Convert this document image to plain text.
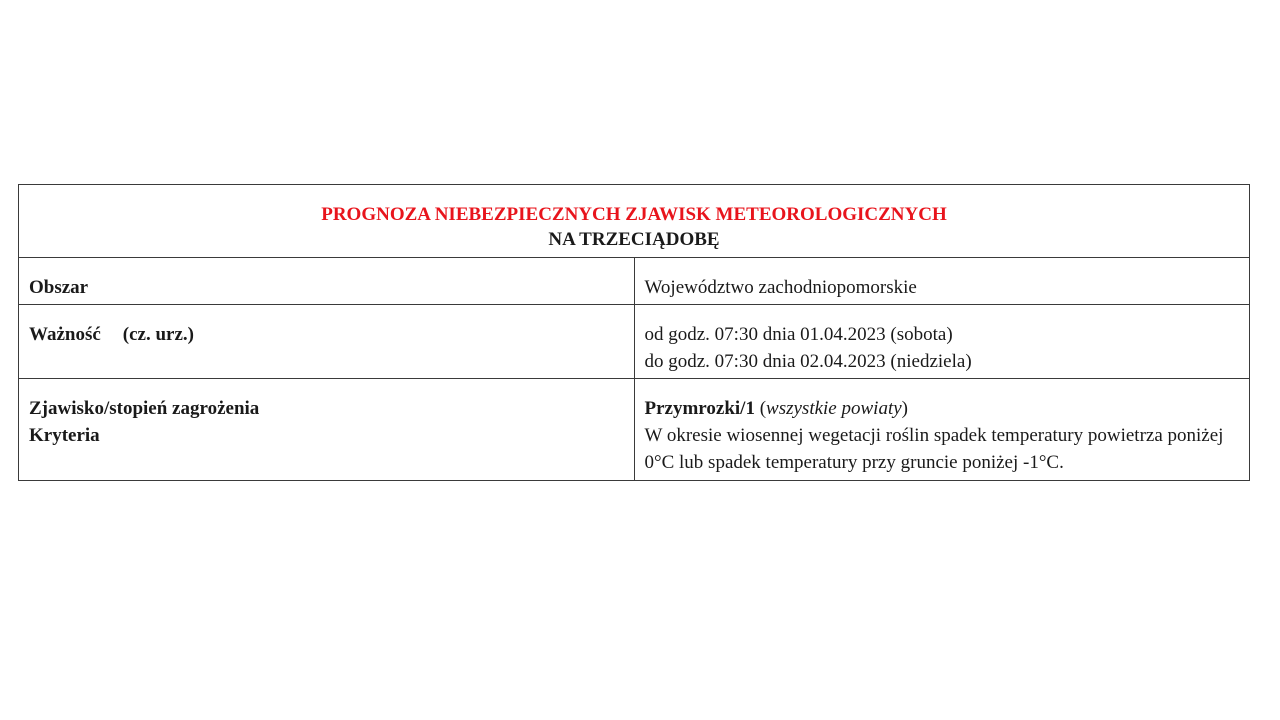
PROGNOZA NIEBEZPIECZNYCH ZJAWISK METEOROLOGICZNYCH
NA TRZECIĄDOBĘ	

Obszar	Województwo zachodniopomorskie
Ważność (cz. urz.)	od godz. 07:30 dnia 01.04.2023 (sobota)
do godz. 07:30 dnia 02.04.2023 (niedziela)

Zjawisko/stopień zagrożenia
Kryteria	Przymrozki/1 (wszystkie powiaty)
W okresie wiosennej wegetacji roślin spadek temperatury powietrza poniżej 0°C lub spadek temperatury przy gruncie poniżej -1°C.
